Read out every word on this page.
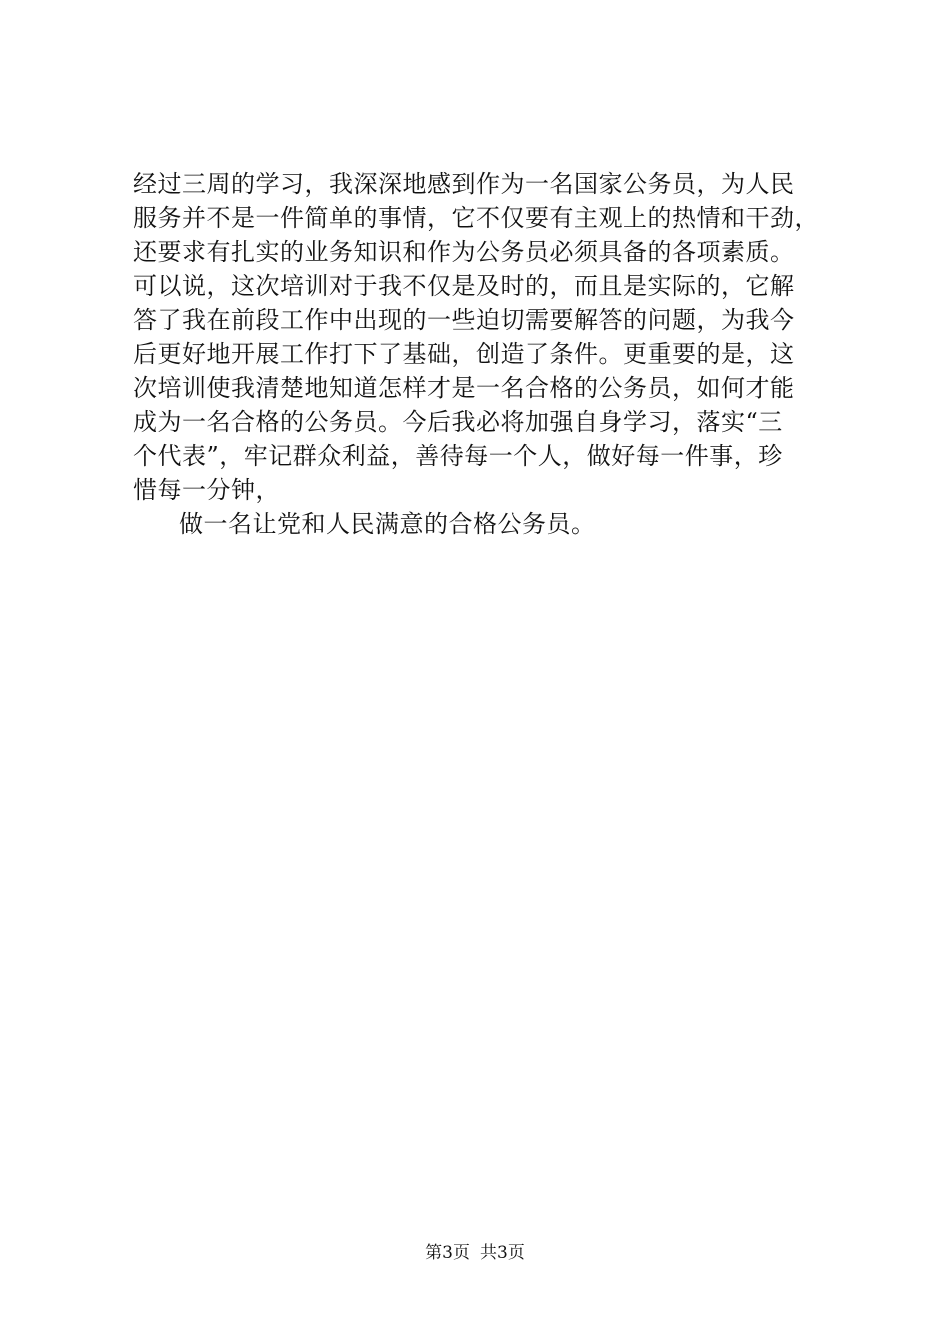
经过三周的学习，我深深地感到作为一名国家公务员，为人民
服务并不是一件简单的事情，它不仅要有主观上的热情和干劲，
还要求有扎实的业务知识和作为公务员必须具备的各项素质。
可以说，这次培训对于我不仅是及时的，而且是实际的，它解
答了我在前段工作中出现的一些迫切需要解答的问题，为我今
后更好地开展工作打下了基础，创造了条件。更重要的是，这
次培训使我清楚地知道怎样才是一名合格的公务员，如何才能
成为一名合格的公务员。今后我必将加强自身学习，落实“三
个代表”，牢记群众利益，善待每一个人，做好每一件事，珍
惜每一分钟，
做一名让党和人民满意的合格公务员。
第3页 共3页
